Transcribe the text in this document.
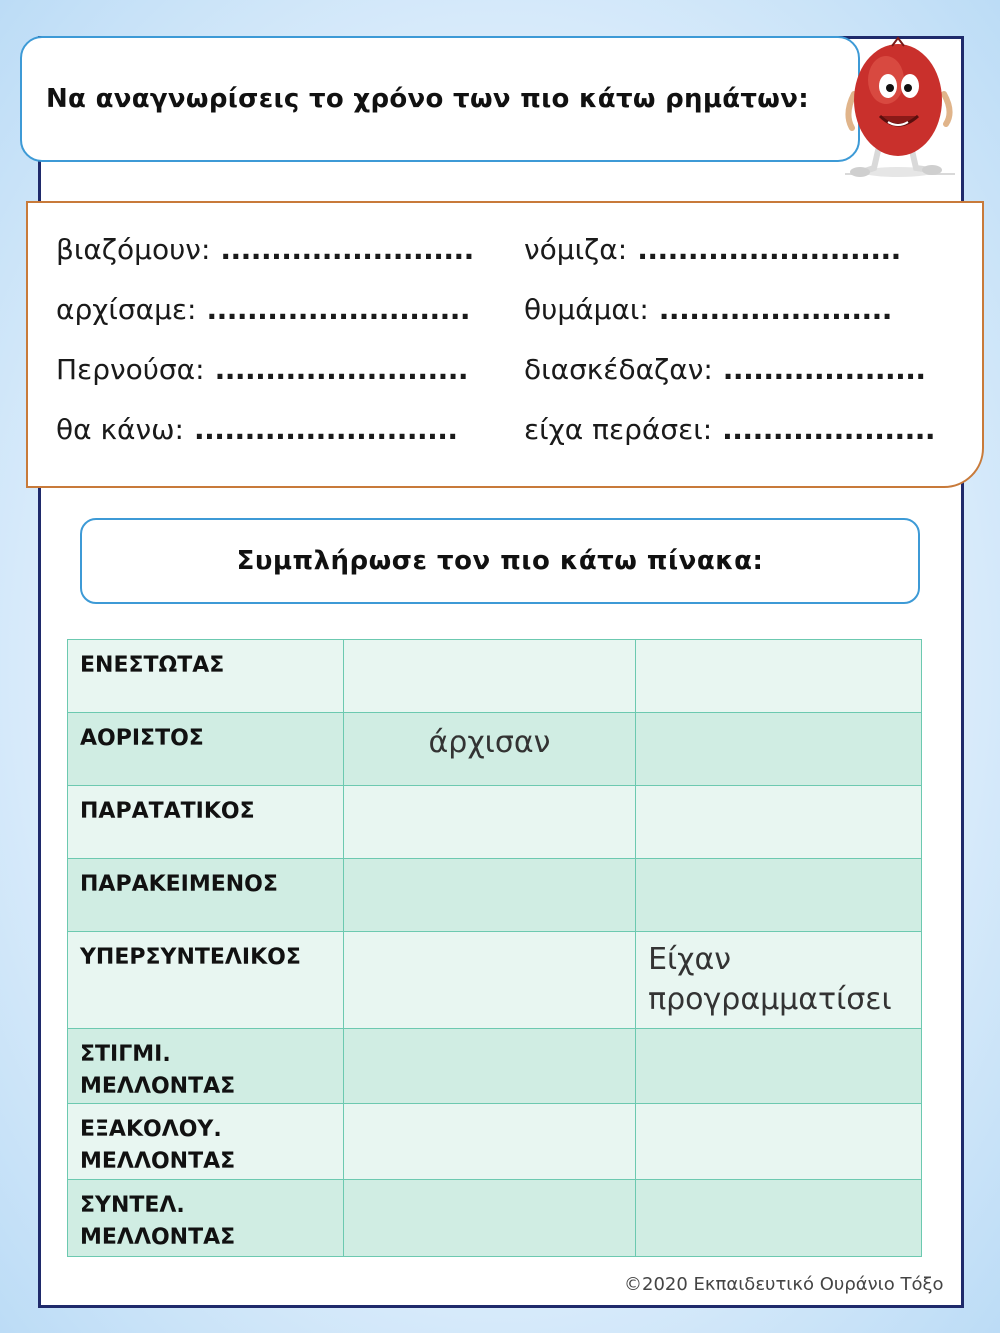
Να αναγνωρίσεις το χρόνο των πιο κάτω ρημάτων:
βιαζόμουν: .........................
αρχίσαμε: ..........................
Περνούσα: .........................
θα κάνω: ..........................
νόμιζα: ..........................
θυμάμαι: .......................
διασκέδαζαν: ....................
είχα περάσει: .....................
Συμπλήρωσε τον πιο κάτω πίνακα:
ΕΝΕΣΤΩΤΑΣ	

ΑΟΡΙΣΤΟΣ	άρχισαν	

ΠΑΡΑΤΑΤΙΚΟΣ	

ΠΑΡΑΚΕΙΜΕΝΟΣ	

ΥΠΕΡΣΥΝΤΕΛΙΚΟΣ		Είχαν προγραμματίσει

ΣΤΙΓΜΙ. ΜΕΛΛΟΝΤΑΣ	

ΕΞΑΚΟΛΟΥ. ΜΕΛΛΟΝΤΑΣ	

ΣΥΝΤΕΛ. ΜΕΛΛΟΝΤΑΣ	

©2020 Εκπαιδευτικό Ουράνιο Τόξο
